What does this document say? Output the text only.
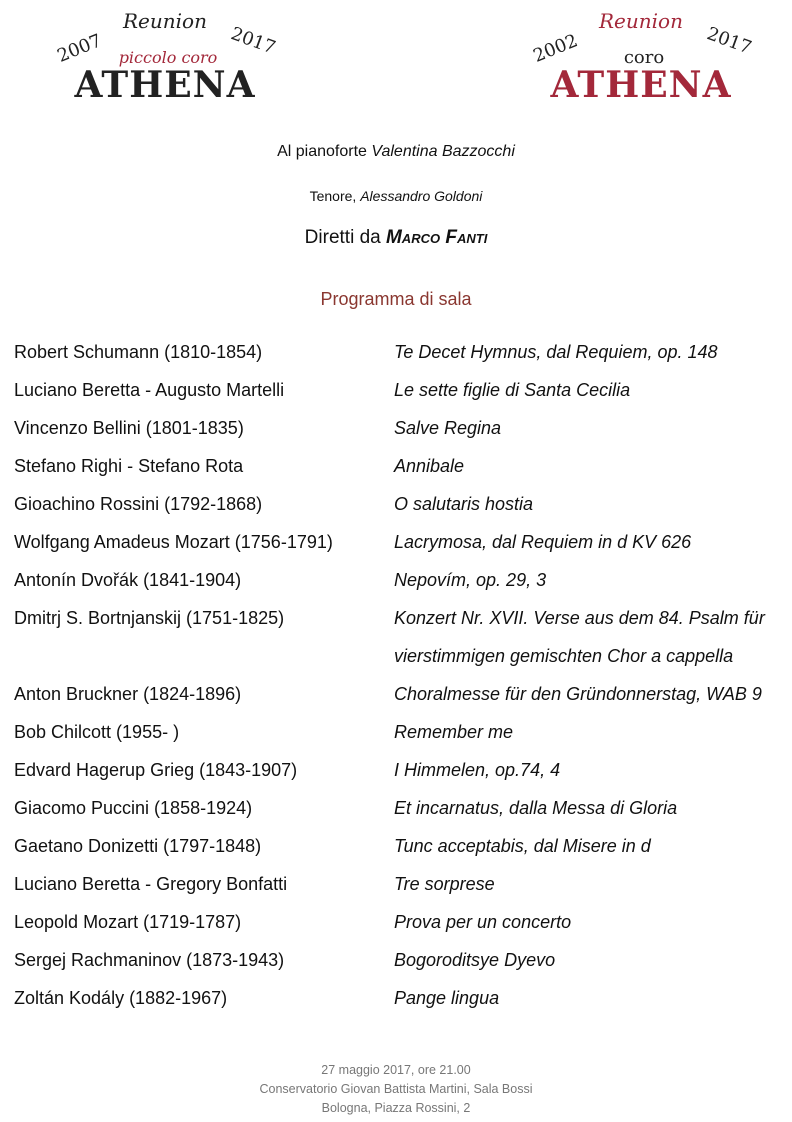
Reunion
2007	2017
piccolo coro
ATHENA
Reunion
2002	2017
coro
ATHENA
Al pianoforte Valentina Bazzocchi
Tenore, Alessandro Goldoni
Diretti da Marco Fanti
Programma di sala
Robert Schumann (1810-1854)	Te Decet Hymnus, dal Requiem, op. 148
Luciano Beretta - Augusto Martelli	Le sette figlie di Santa Cecilia
Vincenzo Bellini (1801-1835)	Salve Regina
Stefano Righi - Stefano Rota	Annibale
Gioachino Rossini (1792-1868)	O salutaris hostia
Wolfgang Amadeus Mozart (1756-1791)	Lacrymosa, dal Requiem in d KV 626
Antonín Dvořák (1841-1904)	Nepovím, op. 29, 3
Dmitrj S. Bortnjanskij (1751-1825)	Konzert Nr. XVII. Verse aus dem 84. Psalm für vierstimmigen gemischten Chor a cappella
Anton Bruckner (1824-1896)	Choralmesse für den Gründonnerstag, WAB 9
Bob Chilcott (1955- )	Remember me
Edvard Hagerup Grieg (1843-1907)	I Himmelen, op.74, 4
Giacomo Puccini (1858-1924)	Et incarnatus, dalla Messa di Gloria
Gaetano Donizetti (1797-1848)	Tunc acceptabis, dal Misere in d
Luciano Beretta - Gregory Bonfatti	Tre sorprese
Leopold Mozart (1719-1787)	Prova per un concerto
Sergej Rachmaninov (1873-1943)	Bogoroditsye Dyevo
Zoltán Kodály (1882-1967)	Pange lingua
27 maggio 2017, ore 21.00
Conservatorio Giovan Battista Martini, Sala Bossi
Bologna, Piazza Rossini, 2
